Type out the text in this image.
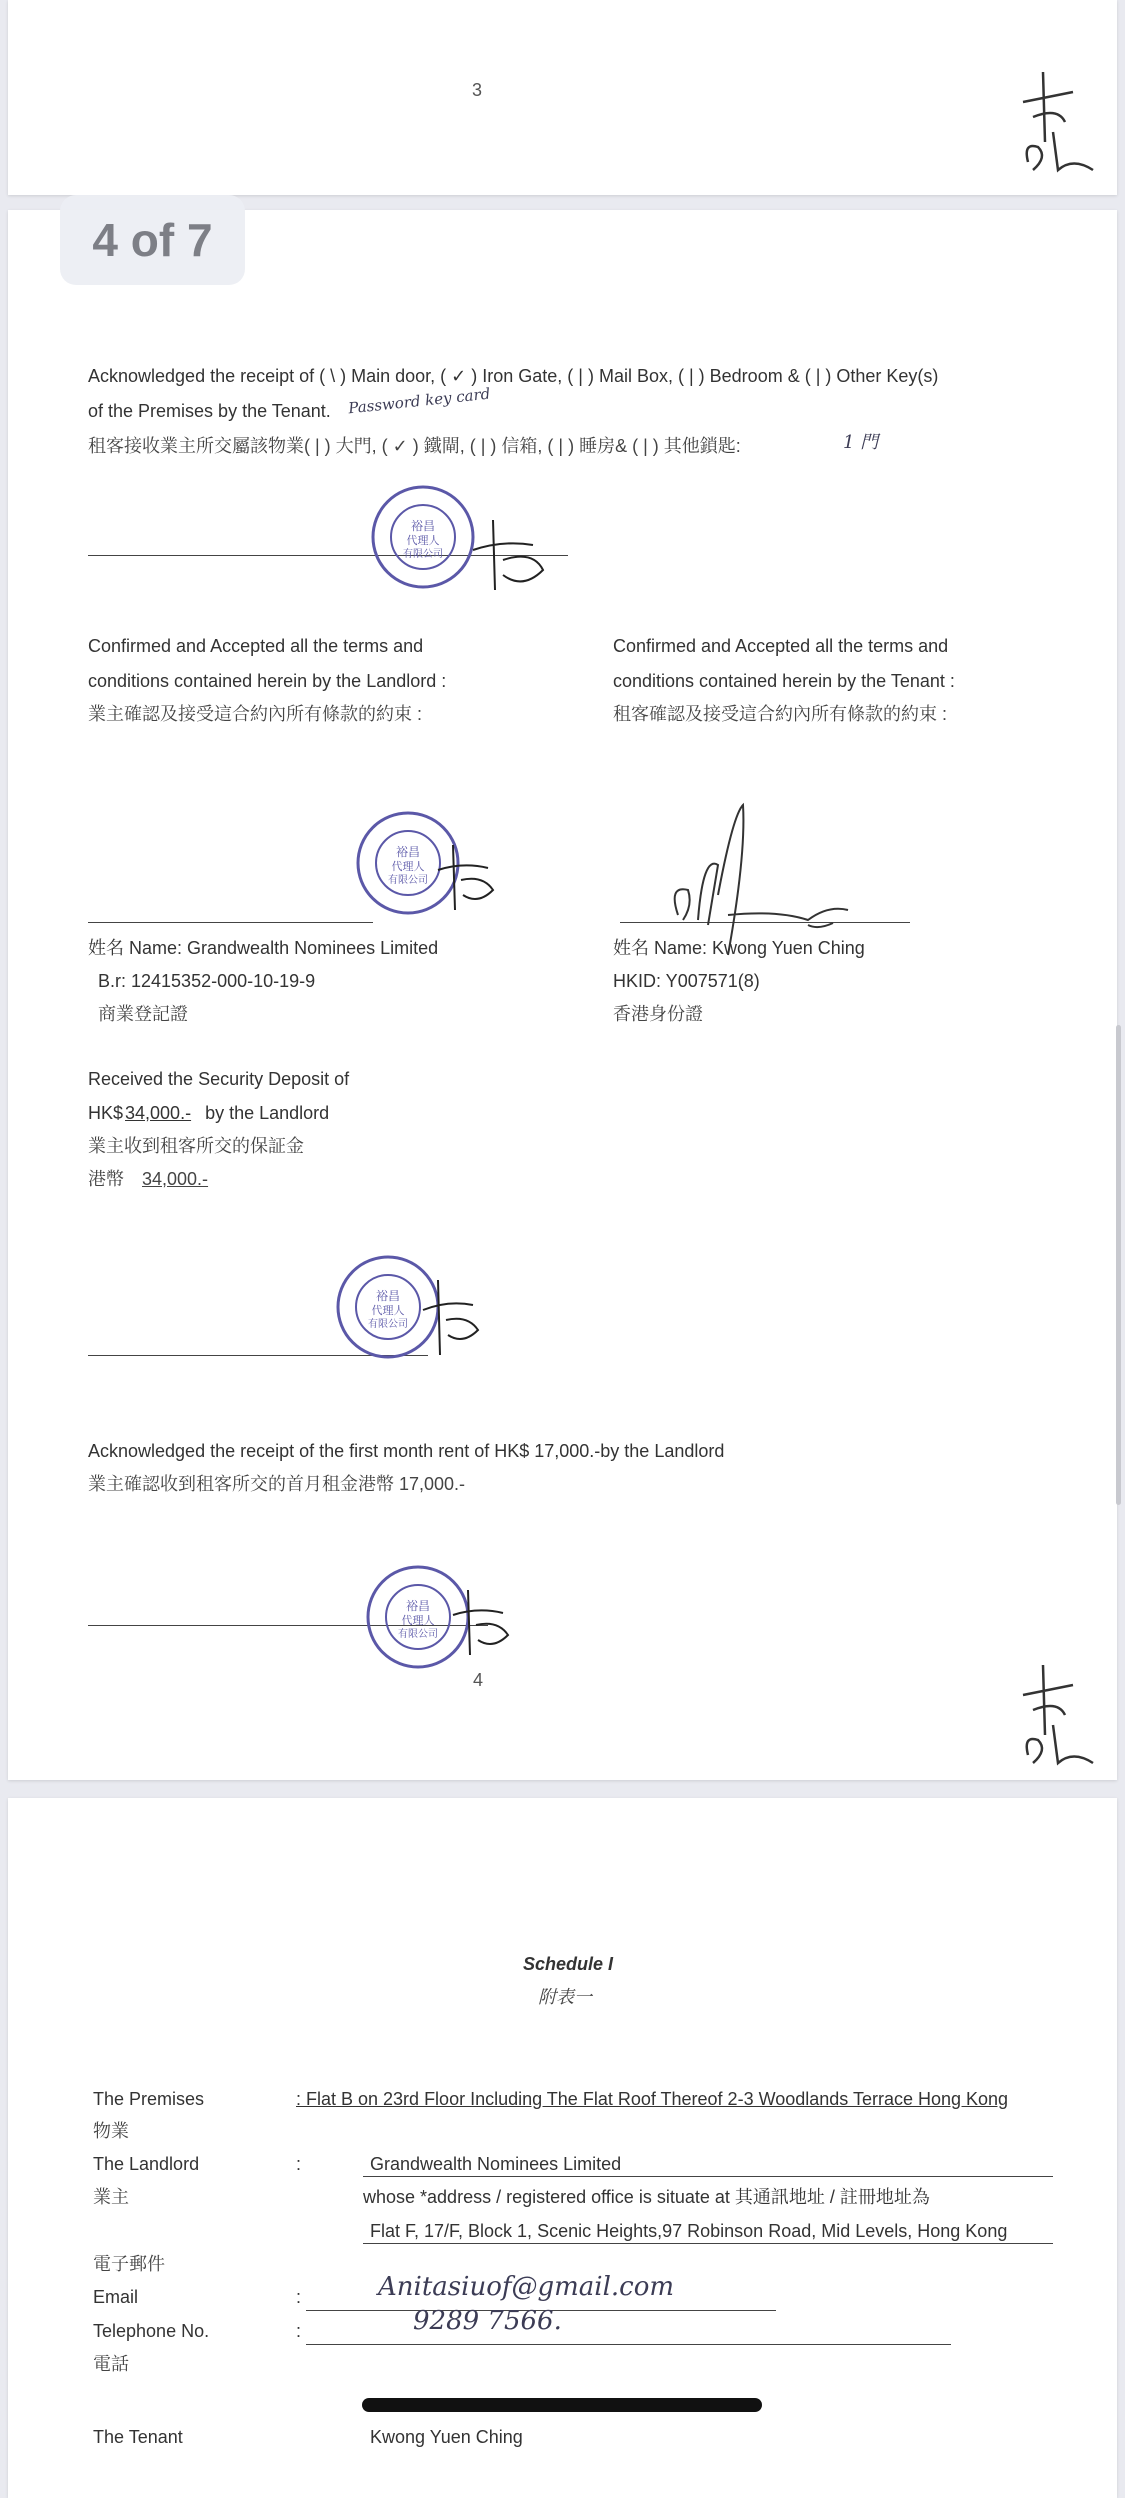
3
Acknowledged the receipt of ( \ ) Main door, ( ✓ ) Iron Gate, ( | ) Mail Box, ( | ) Bedroom & ( | ) Other Key(s)
of the Premises by the Tenant. Password key card
租客接收業主所交屬該物業( | ) 大門, ( ✓ ) 鐵閘, ( | ) 信箱, ( | ) 睡房& ( | ) 其他鎖匙:	1 門
裕昌
代理人
有限公司
Confirmed and Accepted all the terms and
conditions contained herein by the Landlord :
業主確認及接受這合約內所有條款的約束 :
Confirmed and Accepted all the terms and
conditions contained herein by the Tenant :
租客確認及接受這合約內所有條款的約束 :
裕昌
代理人
有限公司
姓名 Name: Grandwealth Nominees Limited
B.r: 12415352-000-10-19-9
商業登記證
姓名 Name: Kwong Yuen Ching
HKID: Y007571(8)
香港身份證
Received the Security Deposit of
HK$ 34,000.- by the Landlord
業主收到租客所交的保証金
港幣 34,000.-
裕昌
代理人
有限公司
Acknowledged the receipt of the first month rent of HK$ 17,000.-by the Landlord
業主確認收到租客所交的首月租金港幣 17,000.-
裕昌
代理人
有限公司
4
4 of 7
Schedule I
附表一
The Premises
物業
: Flat B on 23rd Floor Including The Flat Roof Thereof 2-3 Woodlands Terrace Hong Kong
The Landlord
業主
:	Grandwealth Nominees Limited
whose *address / registered office is situate at 其通訊地址 / 註冊地址為
Flat F, 17/F, Block 1, Scenic Heights,97 Robinson Road, Mid Levels, Hong Kong
電子郵件
Email	:	Anitasiuof@gmail.com
Telephone No.
電話
:	9289 7566.
The Tenant	Kwong Yuen Ching
